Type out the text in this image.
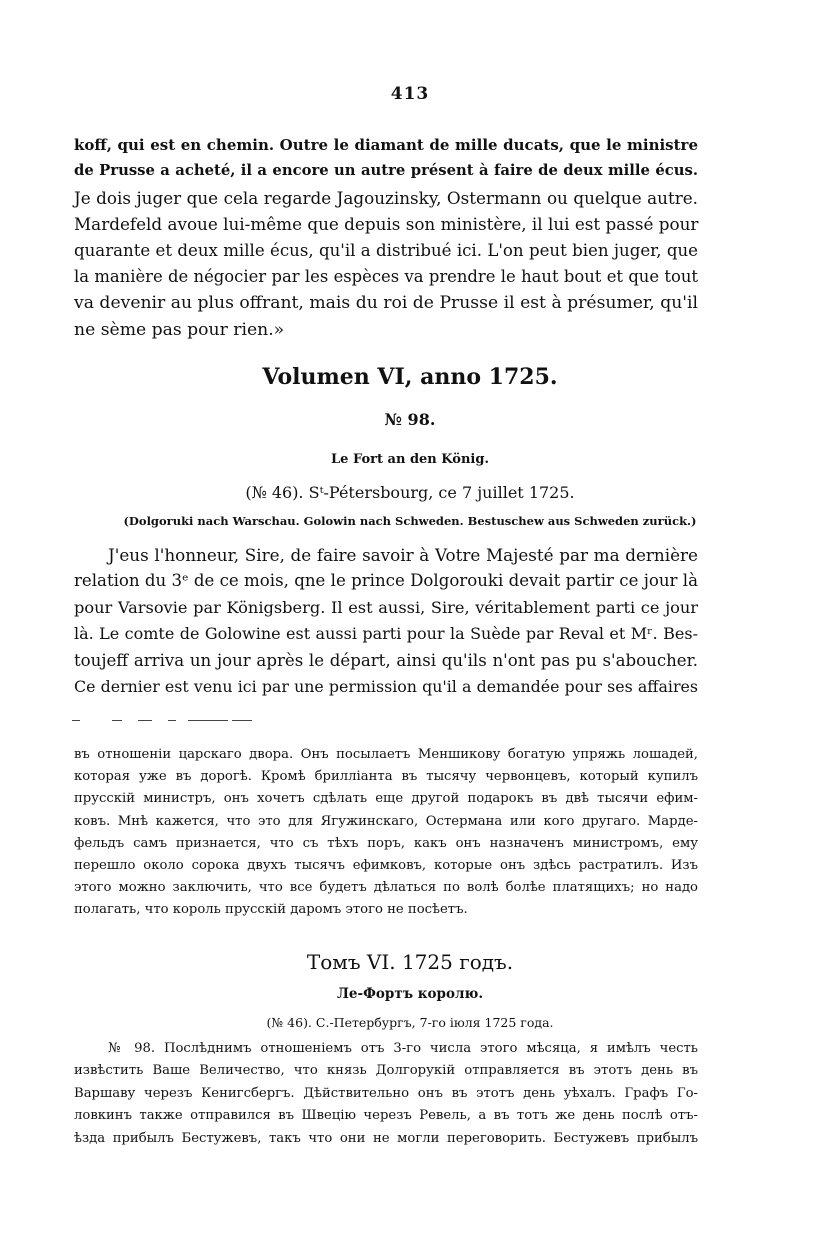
413
koff, qui est en chemin. Outre le diamant de mille ducats, que le ministre
de Prusse a acheté, il a encore un autre présent à faire de deux mille écus.
Je dois juger que cela regarde Jagouzinsky, Ostermann ou quelque autre.
Mardefeld avoue lui-même que depuis son ministère, il lui est passé pour
quarante et deux mille écus, qu'il a distribué ici. L'on peut bien juger, que
la manière de négocier par les espèces va prendre le haut bout et que tout
va devenir au plus offrant, mais du roi de Prusse il est à présumer, qu'il
ne sème pas pour rien.»
Volumen VI, anno 1725.
№ 98.
Le Fort an den König.
(№ 46). Sᵗ-Pétersbourg, ce 7 juillet 1725.
(Dolgoruki nach Warschau. Golowin nach Schweden. Bestuschew aus Schweden zurück.)
J'eus l'honneur, Sire, de faire savoir à Votre Majesté par ma dernière
relation du 3ᵉ de ce mois, qne le prince Dolgorouki devait partir ce jour là
pour Varsovie par Königsberg. Il est aussi, Sire, véritablement parti ce jour
là. Le comte de Golowine est aussi parti pour la Suède par Reval et Mʳ. Bes-
toujeff arriva un jour après le départ, ainsi qu'ils n'ont pas pu s'aboucher.
Ce dernier est venu ici par une permission qu'il a demandée pour ses affaires
въ отношеніи царскаго двора. Онъ посылаетъ Меншикову богатую упряжь лошадей,
которая уже въ дорогѣ. Кромѣ бриллiанта въ тысячу червонцевъ, который купилъ
прусскій министръ, онъ хочетъ сдѣлать еще другой подарокъ въ двѣ тысячи ефим-
ковъ. Мнѣ кажется, что это для Ягужинскаго, Остермана или кого другаго. Марде-
фельдъ самъ признается, что съ тѣхъ поръ, какъ онъ назначенъ министромъ, ему
перешло около сорока двухъ тысячъ ефимковъ, которые онъ здѣсь растратилъ. Изъ
этого можно заключить, что все будетъ дѣлаться по волѣ болѣе платящихъ; но надо
полагать, что король прусскій даромъ этого не посѣетъ.
Томъ VI. 1725 годъ.
Ле-Фортъ королю.
(№ 46). С.-Петербургъ, 7-го іюля 1725 года.
№ 98. Послѣднимъ отношеніемъ отъ 3-го числа этого мѣсяца, я имѣлъ честь
извѣстить Ваше Величество, что князь Долгорукій отправляется въ этотъ день въ
Варшаву черезъ Кенигсбергъ. Дѣйствительно онъ въ этотъ день уѣхалъ. Графъ Го-
ловкинъ также отправился въ Швецію черезъ Ревель, а въ тотъ же день послѣ отъ-
ѣзда прибылъ Бестужевъ, такъ что они не могли переговорить. Бестужевъ прибылъ
